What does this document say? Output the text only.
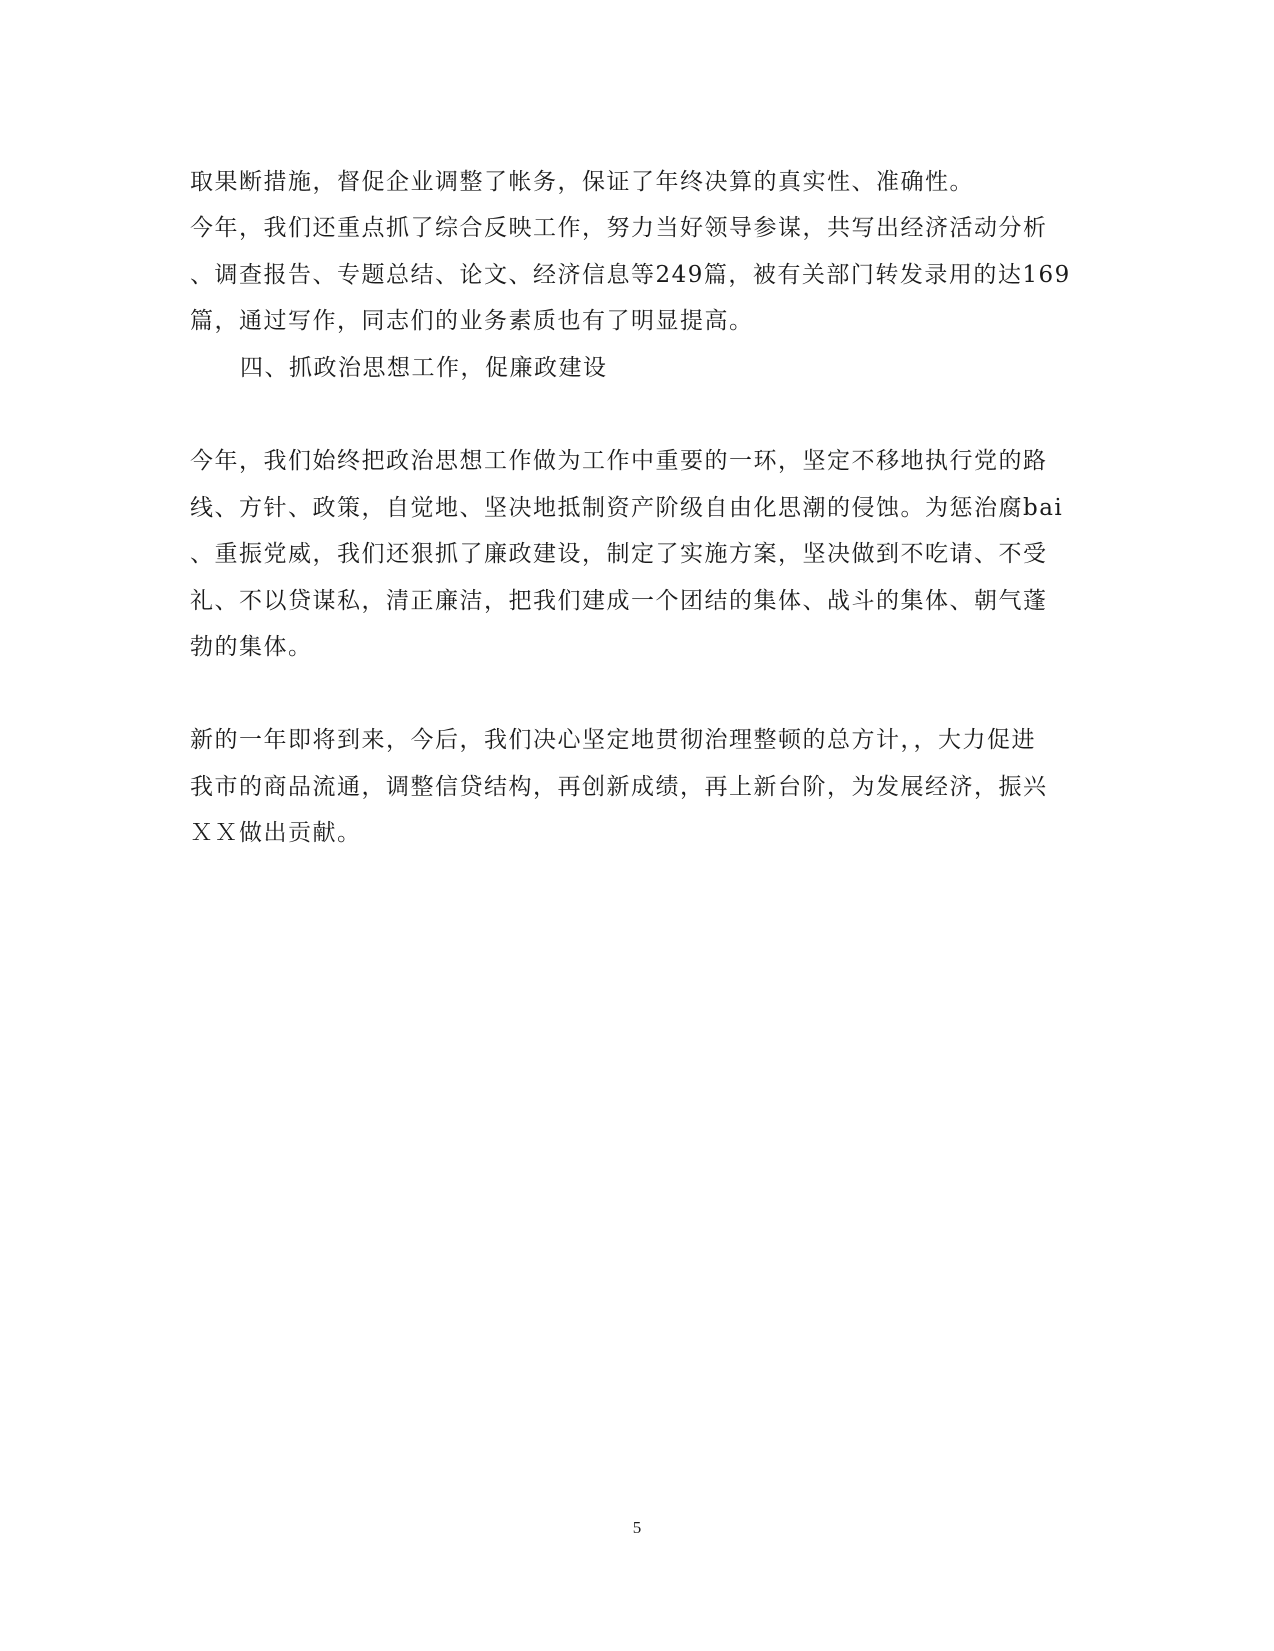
取果断措施，督促企业调整了帐务，保证了年终决算的真实性、准确性。
今年，我们还重点抓了综合反映工作，努力当好领导参谋，共写出经济活动分析
、调查报告、专题总结、论文、经济信息等249篇，被有关部门转发录用的达169
篇，通过写作，同志们的业务素质也有了明显提高。
四、抓政治思想工作，促廉政建设
今年，我们始终把政治思想工作做为工作中重要的一环，坚定不移地执行党的路
线、方针、政策，自觉地、坚决地抵制资产阶级自由化思潮的侵蚀。为惩治腐bai
、重振党威，我们还狠抓了廉政建设，制定了实施方案，坚决做到不吃请、不受
礼、不以贷谋私，清正廉洁，把我们建成一个团结的集体、战斗的集体、朝气蓬
勃的集体。
新的一年即将到来，今后，我们决心坚定地贯彻治理整顿的总方计，，大力促进
我市的商品流通，调整信贷结构，再创新成绩，再上新台阶，为发展经济，振兴
ＸＸ做出贡献。
5
